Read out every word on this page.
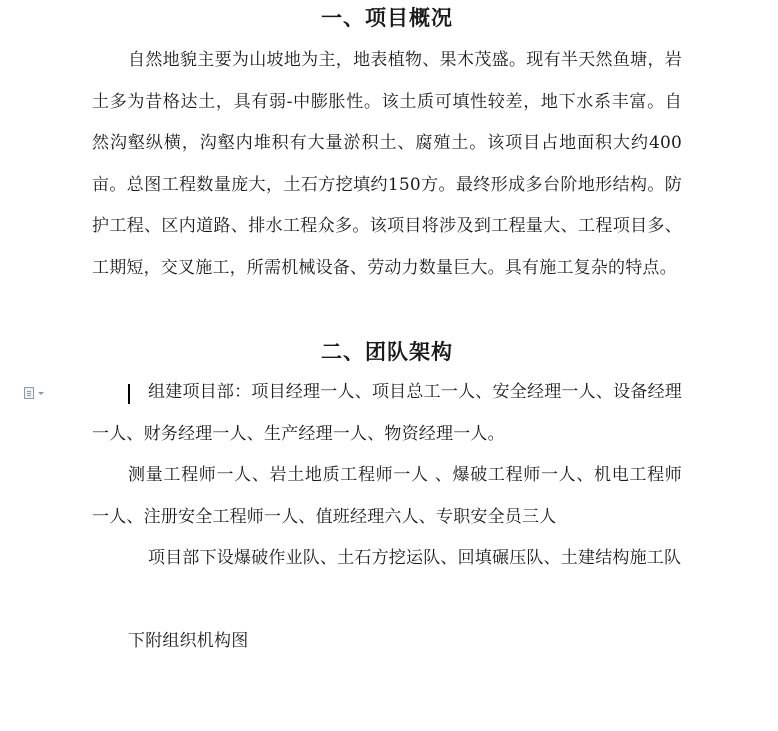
一、项目概况

自然地貌主要为山坡地为主，地表植物、果木茂盛。现有半天然鱼塘，岩土多为昔格达土，具有弱-中膨胀性。该土质可填性较差，地下水系丰富。自然沟壑纵横，沟壑内堆积有大量淤积土、腐殖土。该项目占地面积大约400亩。总图工程数量庞大，土石方挖填约150方。最终形成多台阶地形结构。防护工程、区内道路、排水工程众多。该项目将涉及到工程量大、工程项目多、工期短，交叉施工，所需机械设备、劳动力数量巨大。具有施工复杂的特点。

二、团队架构

组建项目部：项目经理一人、项目总工一人、安全经理一人、设备经理一人、财务经理一人、生产经理一人、物资经理一人。

测量工程师一人、岩土地质工程师一人 、爆破工程师一人、机电工程师一人、注册安全工程师一人、值班经理六人、专职安全员三人

项目部下设爆破作业队、土石方挖运队、回填碾压队、土建结构施工队

下附组织机构图
